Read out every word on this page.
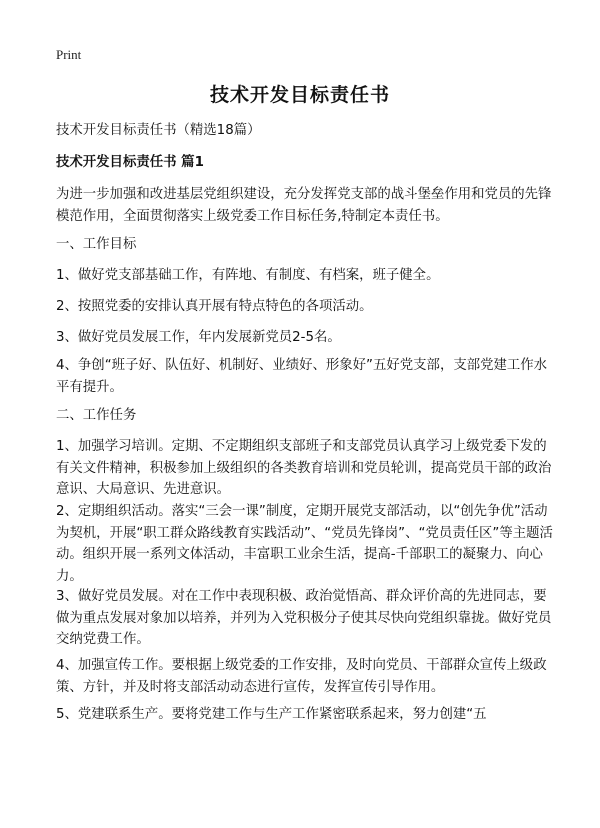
Print
技术开发目标责任书
技术开发目标责任书（精选18篇）
技术开发目标责任书 篇1
为进一步加强和改进基层党组织建设，充分发挥党支部的战斗堡垒作用和党员的先锋模范作用，全面贯彻落实上级党委工作目标任务,特制定本责任书。
一、工作目标
1、做好党支部基础工作，有阵地、有制度、有档案，班子健全。
2、按照党委的安排认真开展有特点特色的各项活动。
3、做好党员发展工作，年内发展新党员2-5名。
4、争创“班子好、队伍好、机制好、业绩好、形象好”五好党支部，支部党建工作水平有提升。
二、工作任务
1、加强学习培训。定期、不定期组织支部班子和支部党员认真学习上级党委下发的有关文件精神，积极参加上级组织的各类教育培训和党员轮训，提高党员干部的政治意识、大局意识、先进意识。
2、定期组织活动。落实“三会一课”制度，定期开展党支部活动，以“创先争优”活动为契机，开展“职工群众路线教育实践活动”、“党员先锋岗”、“党员责任区”等主题活动。组织开展一系列文体活动，丰富职工业余生活，提高-千部职工的凝聚力、向心力。
3、做好党员发展。对在工作中表现积极、政治觉悟高、群众评价高的先进同志，要做为重点发展对象加以培养，并列为入党积极分子使其尽快向党组织靠拢。做好党员交纳党费工作。
4、加强宣传工作。要根据上级党委的工作安排，及时向党员、干部群众宣传上级政策、方针，并及时将支部活动动态进行宣传，发挥宣传引导作用。
5、党建联系生产。要将党建工作与生产工作紧密联系起来，努力创建“五
